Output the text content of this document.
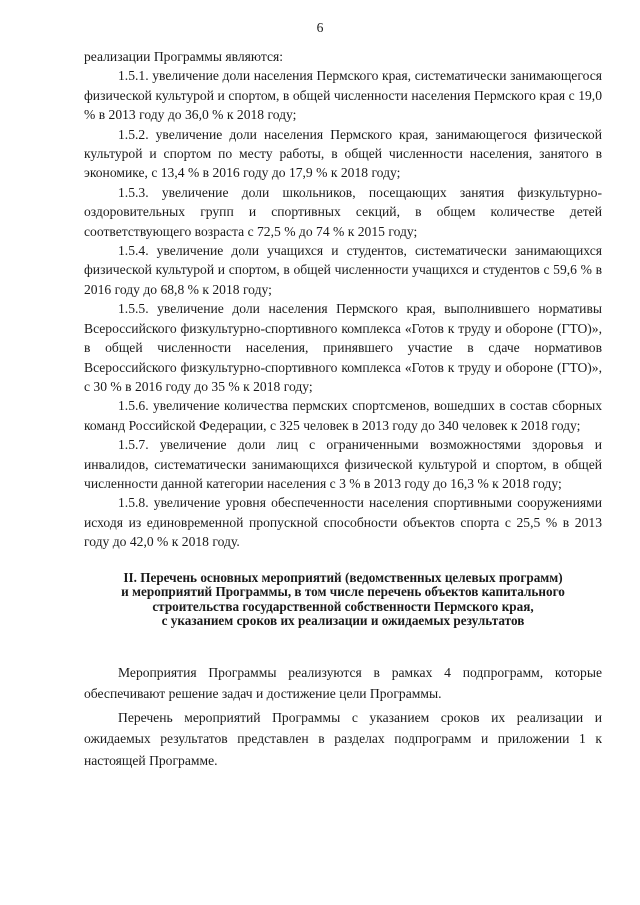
6

реализации Программы являются:

1.5.1. увеличение доли населения Пермского края, систематически занимающегося физической культурой и спортом, в общей численности населения Пермского края с 19,0 % в 2013 году до 36,0 % к 2018 году;

1.5.2. увеличение доли населения Пермского края, занимающегося физической культурой и спортом по месту работы, в общей численности населения, занятого в экономике, с 13,4 % в 2016 году до 17,9 % к 2018 году;

1.5.3. увеличение доли школьников, посещающих занятия физкультурно-оздоровительных групп и спортивных секций, в общем количестве детей соответствующего возраста с 72,5 % до 74 % к 2015 году;

1.5.4. увеличение доли учащихся и студентов, систематически занимающихся физической культурой и спортом, в общей численности учащихся и студентов с 59,6 % в 2016 году до 68,8 % к 2018 году;

1.5.5. увеличение доли населения Пермского края, выполнившего нормативы Всероссийского физкультурно-спортивного комплекса «Готов к труду и обороне (ГТО)», в общей численности населения, принявшего участие в сдаче нормативов Всероссийского физкультурно-спортивного комплекса «Готов к труду и обороне (ГТО)», с 30 % в 2016 году до 35 % к 2018 году;

1.5.6. увеличение количества пермских спортсменов, вошедших в состав сборных команд Российской Федерации, с 325 человек в 2013 году до 340 человек к 2018 году;

1.5.7. увеличение доли лиц с ограниченными возможностями здоровья и инвалидов, систематически занимающихся физической культурой и спортом, в общей численности данной категории населения с 3 % в 2013 году до 16,3 % к 2018 году;

1.5.8. увеличение уровня обеспеченности населения спортивными сооружениями исходя из единовременной пропускной способности объектов спорта с 25,5 % в 2013 году до 42,0 % к 2018 году.

II. Перечень основных мероприятий (ведомственных целевых программ)
и мероприятий Программы, в том числе перечень объектов капитального
строительства государственной собственности Пермского края,
с указанием сроков их реализации и ожидаемых результатов

Мероприятия Программы реализуются в рамках 4 подпрограмм, которые обеспечивают решение задач и достижение цели Программы.

Перечень мероприятий Программы с указанием сроков их реализации и ожидаемых результатов представлен в разделах подпрограмм и приложении 1 к настоящей Программе.
